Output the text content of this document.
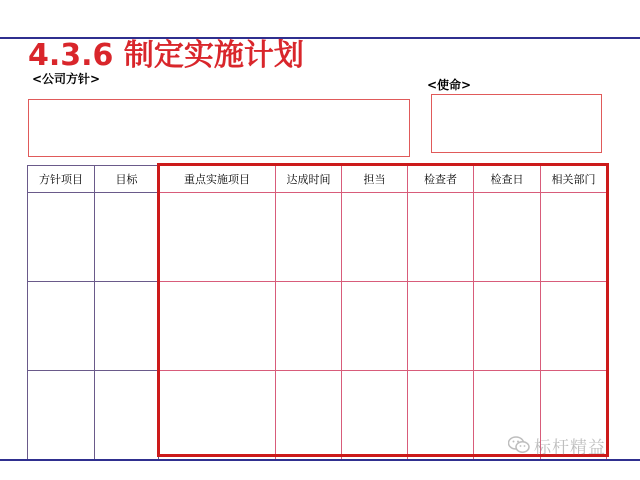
4.3.6 制定实施计划
<公司方针>	<使命>
方针项目	目标	重点实施项目	达成时间	担当	检查者	检查日	相关部门

标杆精益
